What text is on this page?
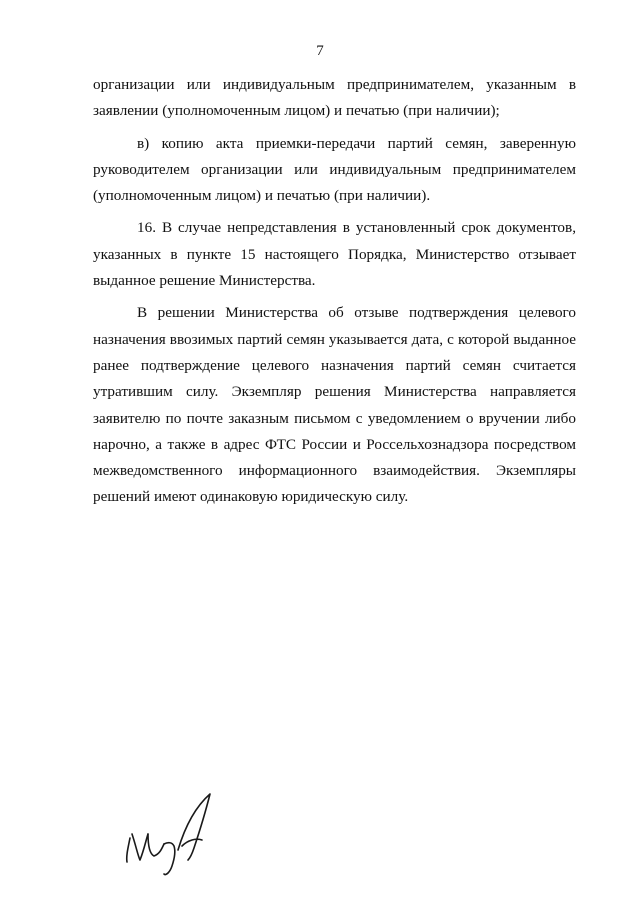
7

организации или индивидуальным предпринимателем, указанным в заявлении (уполномоченным лицом) и печатью (при наличии);

в) копию акта приемки-передачи партий семян, заверенную руководителем организации или индивидуальным предпринимателем (уполномоченным лицом) и печатью (при наличии).

16. В случае непредставления в установленный срок документов, указанных в пункте 15 настоящего Порядка, Министерство отзывает выданное решение Министерства.

В решении Министерства об отзыве подтверждения целевого назначения ввозимых партий семян указывается дата, с которой выданное ранее подтверждение целевого назначения партий семян считается утратившим силу. Экземпляр решения Министерства направляется заявителю по почте заказным письмом с уведомлением о вручении либо нарочно, а также в адрес ФТС России и Россельхознадзора посредством межведомственного информационного взаимодействия. Экземпляры решений имеют одинаковую юридическую силу.
